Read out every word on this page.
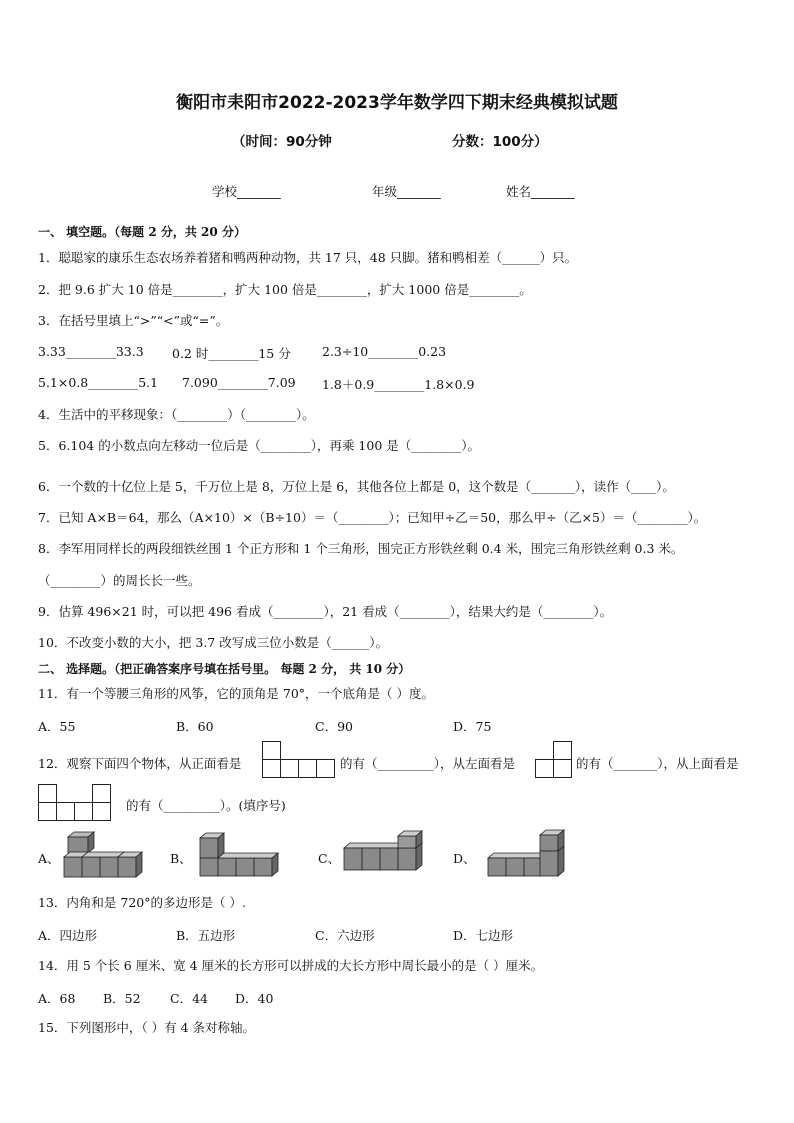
衡阳市耒阳市2022-2023学年数学四下期末经典模拟试题
（时间：90分钟	分数：100分）
学校_______	年级_______	姓名_______
一、 填空题。（每题 2 分，共 20 分）
1．聪聪家的康乐生态农场养着猪和鸭两种动物，共 17 只，48 只脚。猪和鸭相差（______）只。
2．把 9.6 扩大 10 倍是________，扩大 100 倍是________，扩大 1000 倍是________。
3．在括号里填上“>”“<”或“=”。
3.33________33.3 0.2 时________15 分	2.3÷10________0.23
5.1×0.8________5.1 7.090________7.09 1.8＋0.9________1.8×0.9
4．生活中的平移现象：（________）（________）。
5．6.104 的小数点向左移动一位后是（________），再乘 100 是（________）。
6．一个数的十亿位上是 5，千万位上是 8，万位上是 6，其他各位上都是 0，这个数是（_______），读作（____）。
7．已知 A×B＝64，那么（A×10）×（B÷10）＝（________）；已知甲÷乙＝50，那么甲÷（乙×5）＝（________）。
8．李军用同样长的两段细铁丝围 1 个正方形和 1 个三角形，围完正方形铁丝剩 0.4 米，围完三角形铁丝剩 0.3 米。
（________）的周长长一些。
9．估算 496×21 时，可以把 496 看成（________），21 看成（________），结果大约是（________）。
10．不改变小数的大小，把 3.7 改写成三位小数是（______）。
二、 选择题。（把正确答案序号填在括号里。 每题 2 分， 共 10 分）
11．有一个等腰三角形的风筝，它的顶角是 70°，一个底角是（ ）度。
A．55	B．60	C．90	D．75
12．观察下面四个物体，从正面看是	的有（_________），从左面看是	的有（_______），从上面看是
的有（_________）。(填序号)
A、	B、	C、	D、
13．内角和是 720°的多边形是（ ）.
A．四边形	B．五边形	C．六边形	D．七边形
14．用 5 个长 6 厘米、宽 4 厘米的长方形可以拼成的大长方形中周长最小的是（ ）厘米。
A．68 B．52 C．44 D．40
15．下列图形中，（ ）有 4 条对称轴。
